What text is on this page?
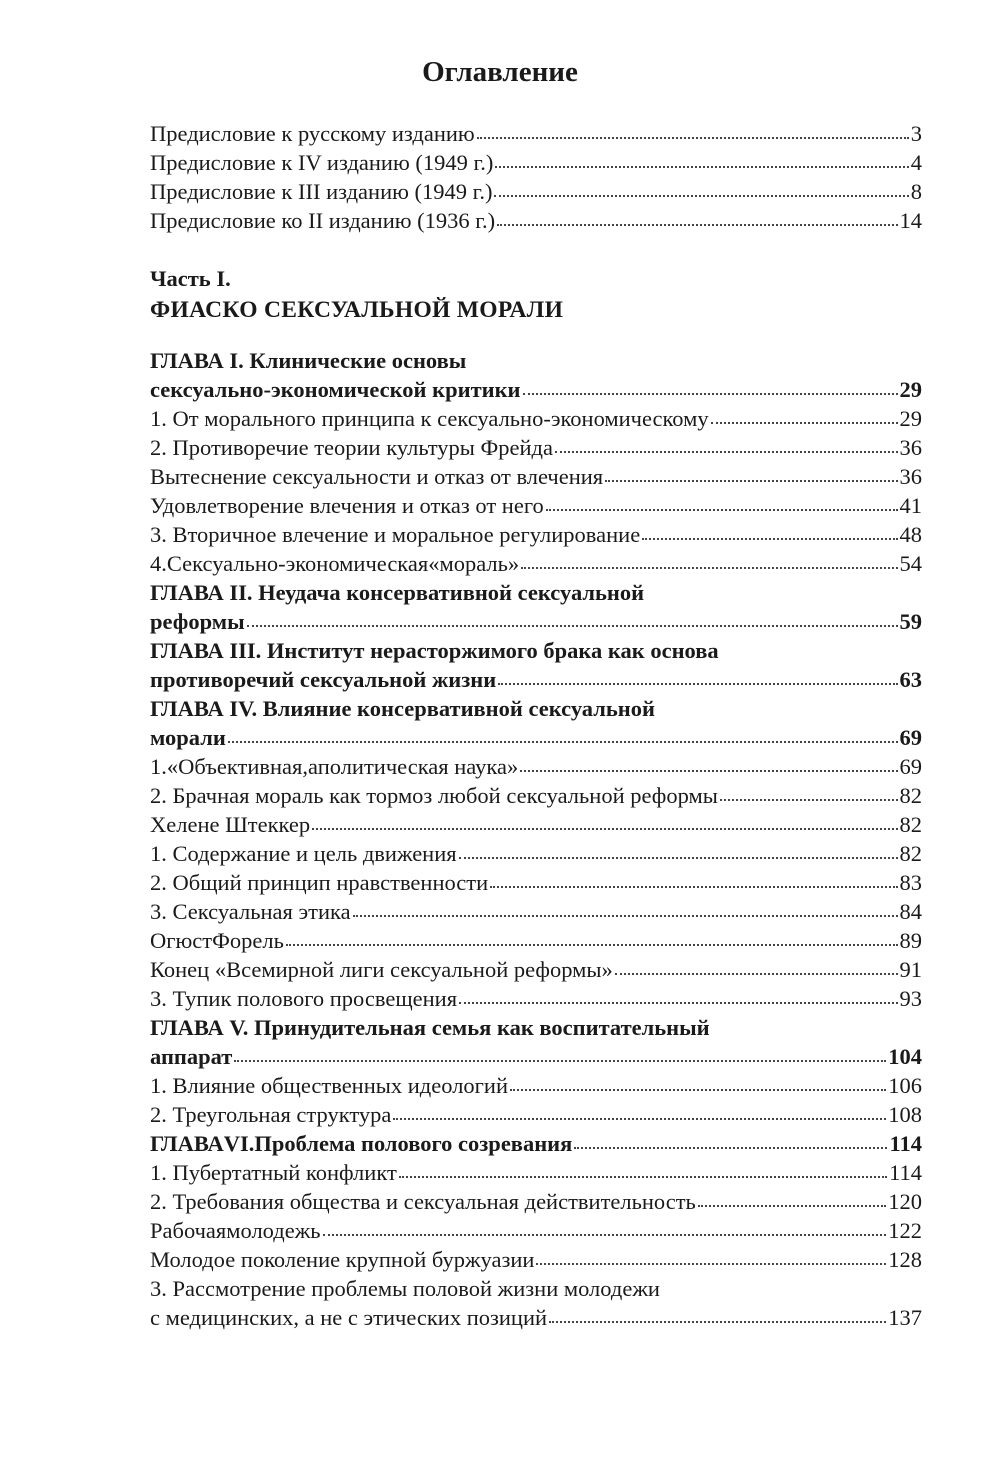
Оглавление
Предисловие к русскому изданию	3
Предисловие к IV изданию (1949 г.)	4
Предисловие к III изданию (1949 г.)	8
Предисловие ко II изданию (1936 г.)	14
Часть I.
ФИАСКО СЕКСУАЛЬНОЙ МОРАЛИ
ГЛАВА I. Клинические основы
сексуально-экономической критики	29
1. От морального принципа к сексуально-экономическому	29
2. Противоречие теории культуры Фрейда	36
Вытеснение сексуальности и отказ от влечения	36
Удовлетворение влечения и отказ от него	41
3. Вторичное влечение и моральное регулирование	48
4.Сексуально-экономическая«мораль»	54
ГЛАВА II. Неудача консервативной сексуальной
реформы	59
ГЛАВА III. Институт нерасторжимого брака как основа
противоречий сексуальной жизни	63
ГЛАВА IV. Влияние консервативной сексуальной
морали	69
1.«Объективная,аполитическая наука»	69
2. Брачная мораль как тормоз любой сексуальной реформы	82
Хелене Штеккер	82
1. Содержание и цель движения	82
2. Общий принцип нравственности	83
3. Сексуальная этика	84
ОгюстФорель	89
Конец «Всемирной лиги сексуальной реформы»	91
3. Тупик полового просвещения	93
ГЛАВА V. Принудительная семья как воспитательный
аппарат	104
1. Влияние общественных идеологий	106
2. Треугольная структура	108
ГЛАВАVI.Проблема полового созревания	114
1. Пубертатный конфликт	114
2. Требования общества и сексуальная действительность	120
Рабочаямолодежь	122
Молодое поколение крупной буржуазии	128
3. Рассмотрение проблемы половой жизни молодежи
с медицинских, а не с этических позиций	137
